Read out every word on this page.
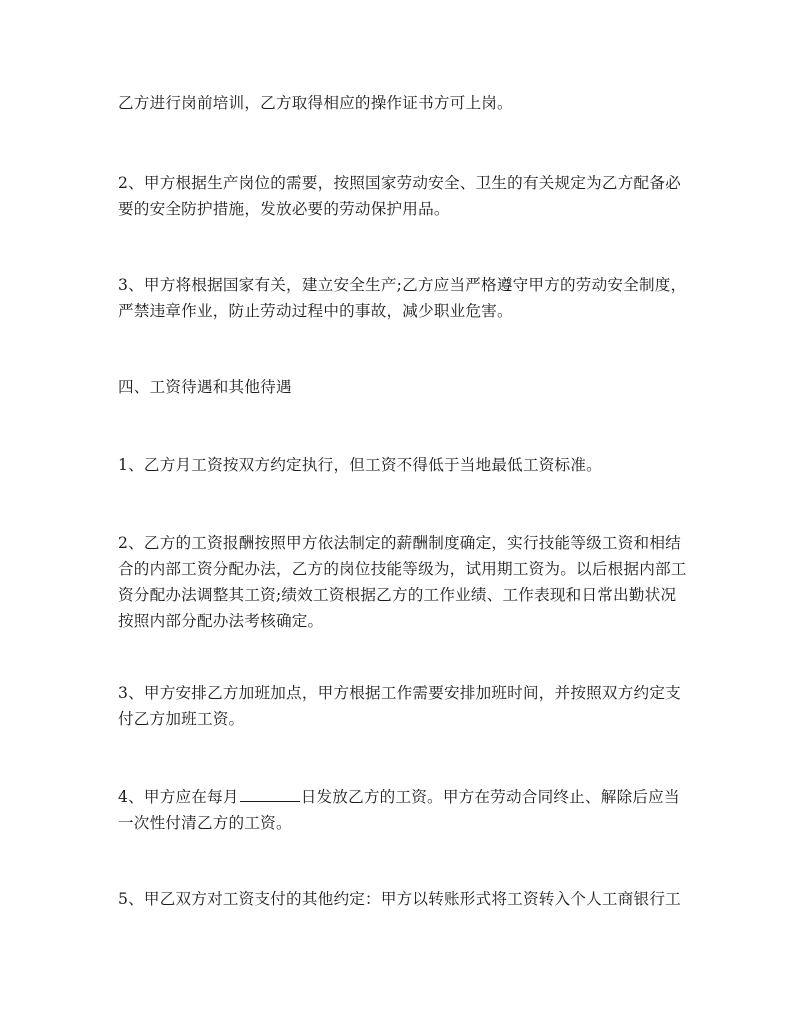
乙方进行岗前培训，乙方取得相应的操作证书方可上岗。

2、甲方根据生产岗位的需要，按照国家劳动安全、卫生的有关规定为乙方配备必
要的安全防护措施，发放必要的劳动保护用品。

3、甲方将根据国家有关，建立安全生产;乙方应当严格遵守甲方的劳动安全制度，
严禁违章作业，防止劳动过程中的事故，减少职业危害。

四、工资待遇和其他待遇

1、乙方月工资按双方约定执行，但工资不得低于当地最低工资标准。

2、乙方的工资报酬按照甲方依法制定的薪酬制度确定，实行技能等级工资和相结
合的内部工资分配办法，乙方的岗位技能等级为，试用期工资为。以后根据内部工
资分配办法调整其工资;绩效工资根据乙方的工作业绩、工作表现和日常出勤状况
按照内部分配办法考核确定。

3、甲方安排乙方加班加点，甲方根据工作需要安排加班时间，并按照双方约定支
付乙方加班工资。

4、甲方应在每月	日发放乙方的工资。甲方在劳动合同终止、解除后应当
一次性付清乙方的工资。

5、甲乙双方对工资支付的其他约定：甲方以转账形式将工资转入个人工商银行工
